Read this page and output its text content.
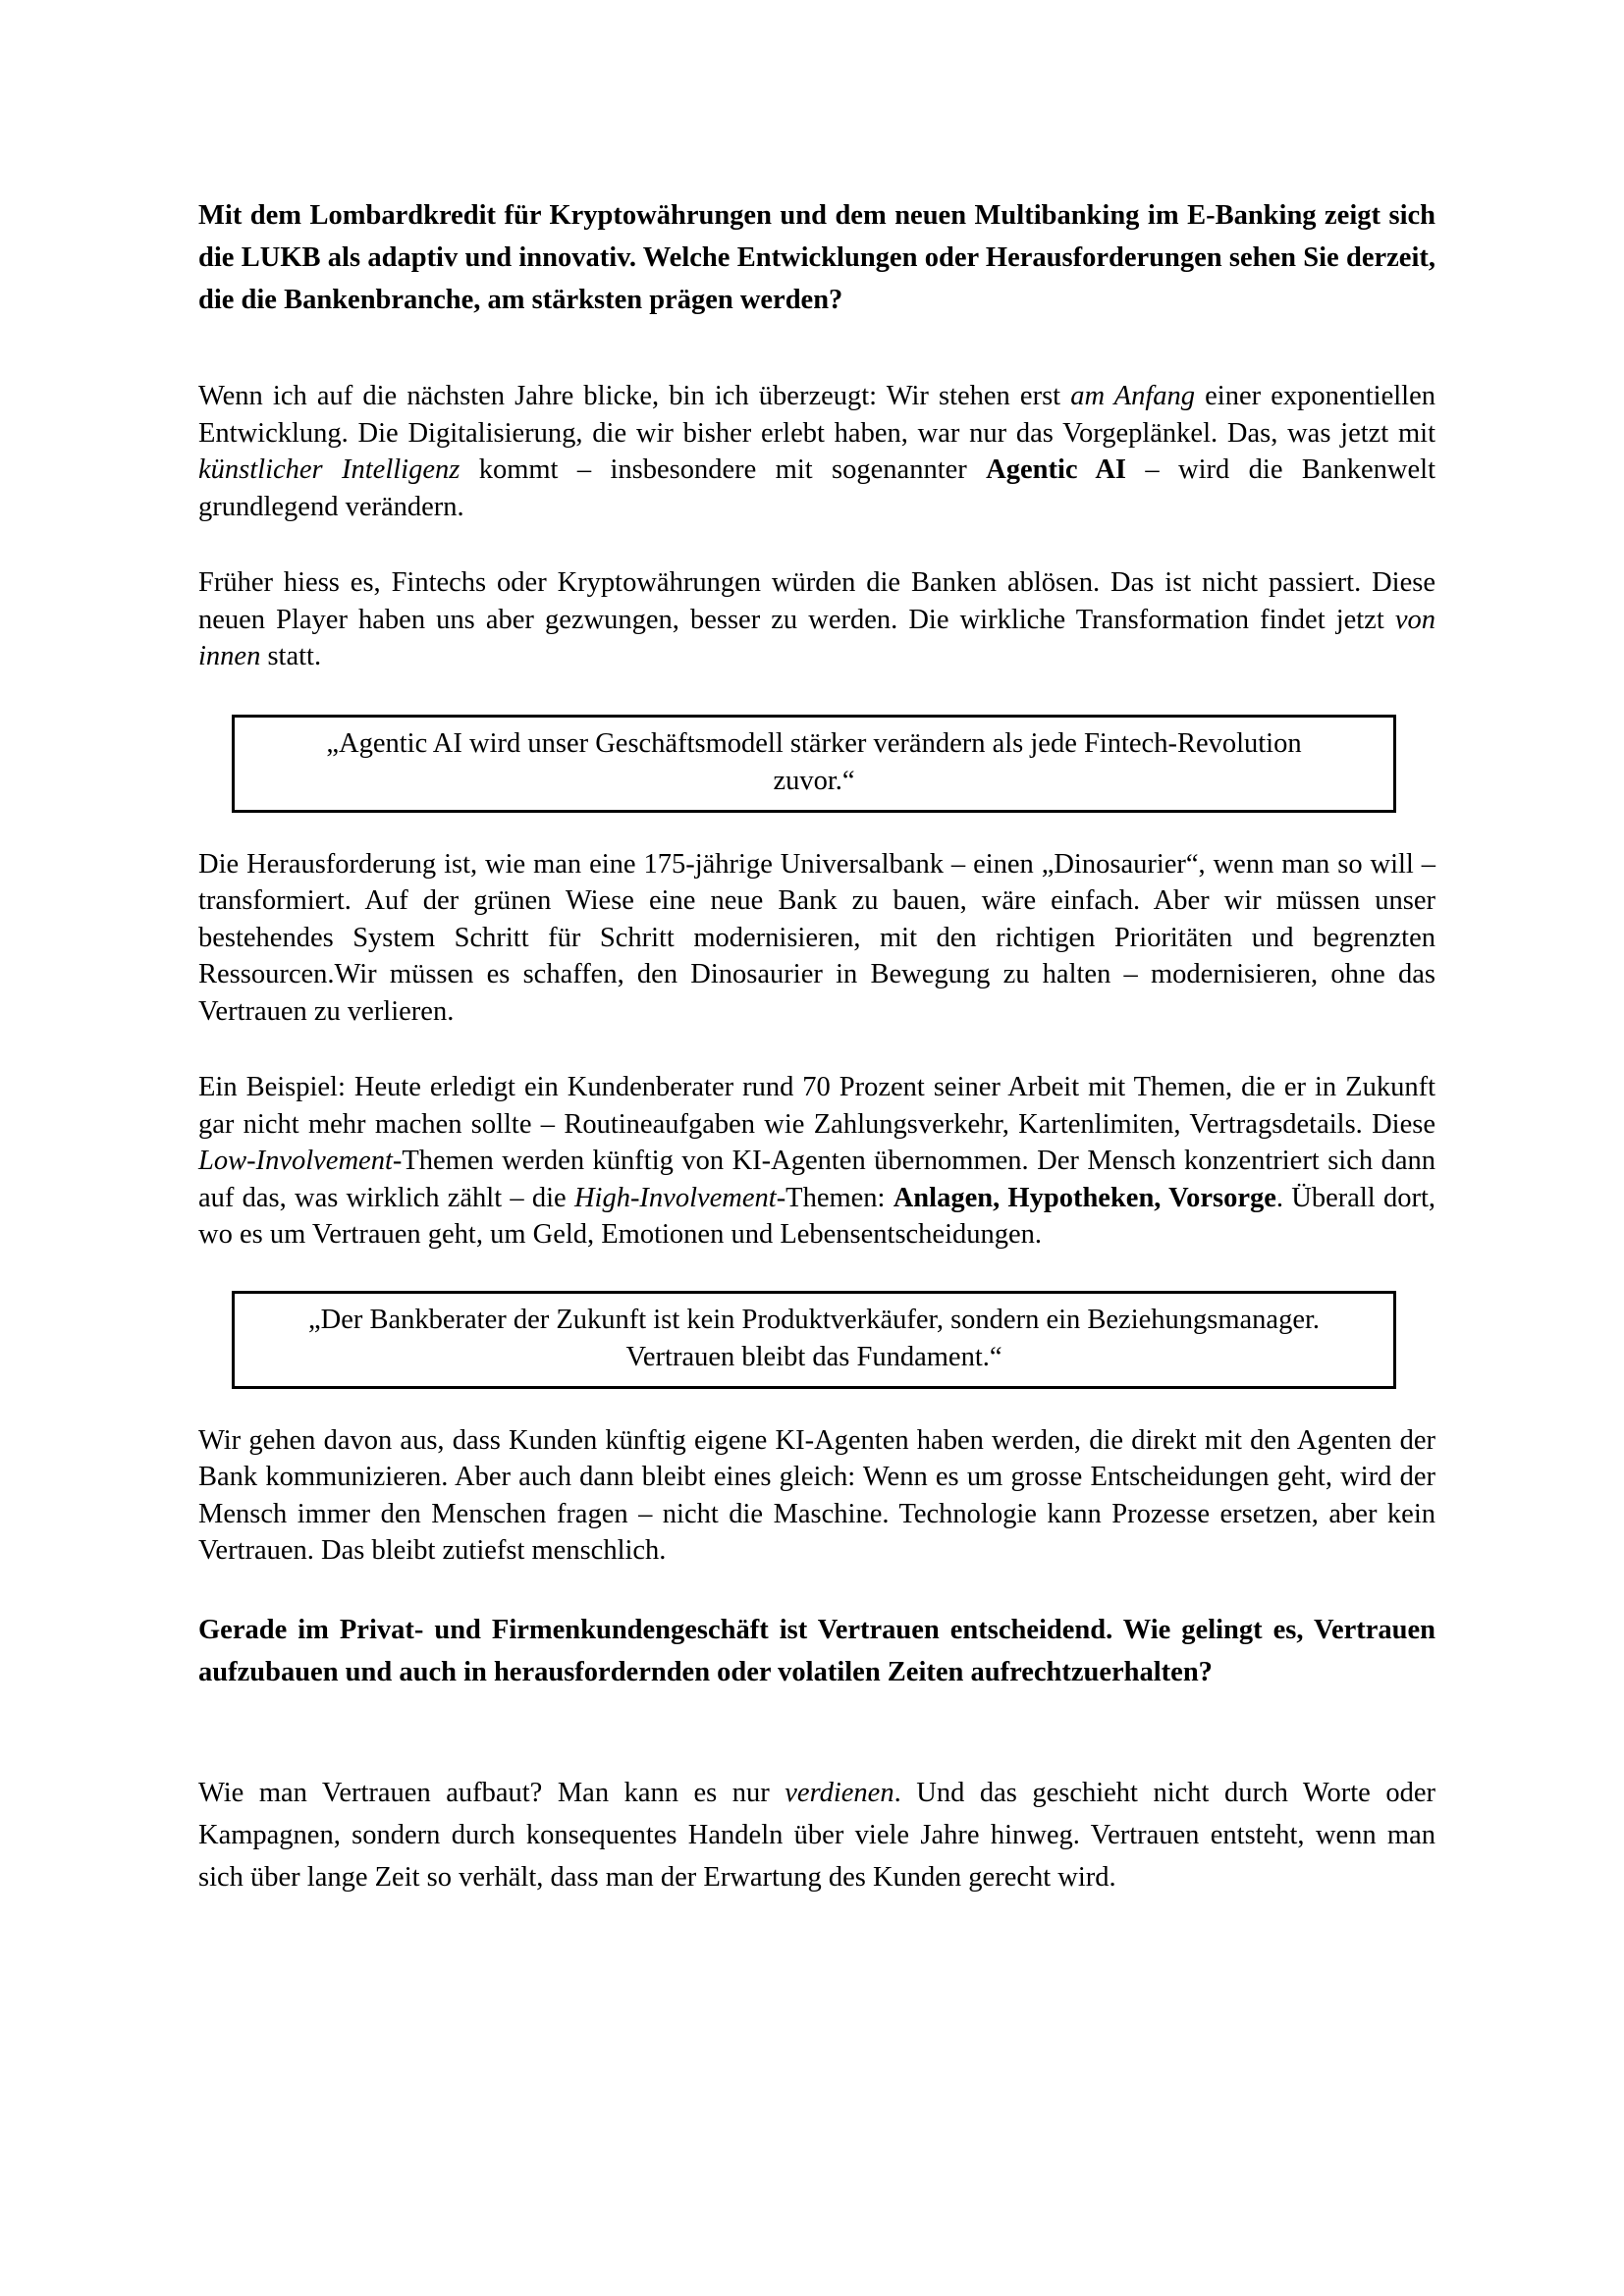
Mit dem Lombardkredit für Kryptowährungen und dem neuen Multibanking im E-Banking zeigt sich die LUKB als adaptiv und innovativ. Welche Entwicklungen oder Herausforderungen sehen Sie derzeit, die die Bankenbranche, am stärksten prägen werden?

Wenn ich auf die nächsten Jahre blicke, bin ich überzeugt: Wir stehen erst am Anfang einer exponentiellen Entwicklung. Die Digitalisierung, die wir bisher erlebt haben, war nur das Vorgeplänkel. Das, was jetzt mit künstlicher Intelligenz kommt – insbesondere mit sogenannter Agentic AI – wird die Bankenwelt grundlegend verändern.

Früher hiess es, Fintechs oder Kryptowährungen würden die Banken ablösen. Das ist nicht passiert. Diese neuen Player haben uns aber gezwungen, besser zu werden. Die wirkliche Transformation findet jetzt von innen statt.

„Agentic AI wird unser Geschäftsmodell stärker verändern als jede Fintech-Revolution zuvor.“

Die Herausforderung ist, wie man eine 175-jährige Universalbank – einen „Dinosaurier“, wenn man so will – transformiert. Auf der grünen Wiese eine neue Bank zu bauen, wäre einfach. Aber wir müssen unser bestehendes System Schritt für Schritt modernisieren, mit den richtigen Prioritäten und begrenzten Ressourcen.Wir müssen es schaffen, den Dinosaurier in Bewegung zu halten – modernisieren, ohne das Vertrauen zu verlieren.

Ein Beispiel: Heute erledigt ein Kundenberater rund 70 Prozent seiner Arbeit mit Themen, die er in Zukunft gar nicht mehr machen sollte – Routineaufgaben wie Zahlungsverkehr, Kartenlimiten, Vertragsdetails. Diese Low-Involvement-Themen werden künftig von KI-Agenten übernommen. Der Mensch konzentriert sich dann auf das, was wirklich zählt – die High-Involvement-Themen: Anlagen, Hypotheken, Vorsorge. Überall dort, wo es um Vertrauen geht, um Geld, Emotionen und Lebensentscheidungen.

„Der Bankberater der Zukunft ist kein Produktverkäufer, sondern ein Beziehungsmanager. Vertrauen bleibt das Fundament.“

Wir gehen davon aus, dass Kunden künftig eigene KI-Agenten haben werden, die direkt mit den Agenten der Bank kommunizieren. Aber auch dann bleibt eines gleich: Wenn es um grosse Entscheidungen geht, wird der Mensch immer den Menschen fragen – nicht die Maschine. Technologie kann Prozesse ersetzen, aber kein Vertrauen. Das bleibt zutiefst menschlich.

Gerade im Privat- und Firmenkundengeschäft ist Vertrauen entscheidend. Wie gelingt es, Vertrauen aufzubauen und auch in herausfordernden oder volatilen Zeiten aufrechtzuerhalten?

Wie man Vertrauen aufbaut? Man kann es nur verdienen. Und das geschieht nicht durch Worte oder Kampagnen, sondern durch konsequentes Handeln über viele Jahre hinweg. Vertrauen entsteht, wenn man sich über lange Zeit so verhält, dass man der Erwartung des Kunden gerecht wird.
